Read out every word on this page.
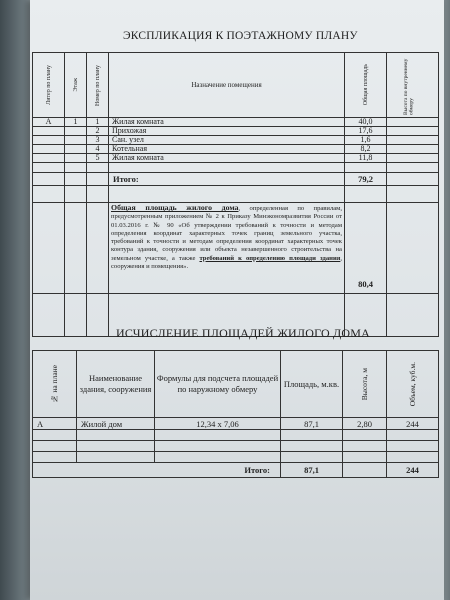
ЭКСПЛИКАЦИЯ К ПОЭТАЖНОМУ ПЛАНУ
Литер по плану	Этаж	Номер по плану	Назначение помещения	Общая площадь	Высота по внутреннему обмеру

А	1	1	Жилая комната	40,0	
		2	Прихожая	17,6	
		3	Сан. узел	1,6	
		4	Котельная	8,2	
		5	Жилая комната	11,8	

			Итого:	79,2	

			Общая площадь жилого дома, определенная по правилам, предусмотренным приложением № 2 к Приказу Минэкономразвития России от 01.03.2016 г. № 90 «Об утверждении требований к точности и методам определения координат характерных точек границ земельного участка, требований к точности и методам определения координат характерных точек контура здания, сооружения или объекта незавершенного строительства на земельном участке, а также требований к определению площади здания, сооружения и помещения».	80,4	

ИСЧИСЛЕНИЕ ПЛОЩАДЕЙ ЖИЛОГО ДОМА
№ на плане	Наименование здания, сооружения	Формулы для подсчета площадей по наружному обмеру	Площадь, м.кв.	Высота, м	Объем, куб.м.

А	Жилой дом	12,34 х 7,06	87,1	2,80	244

Итого:			87,1		244
